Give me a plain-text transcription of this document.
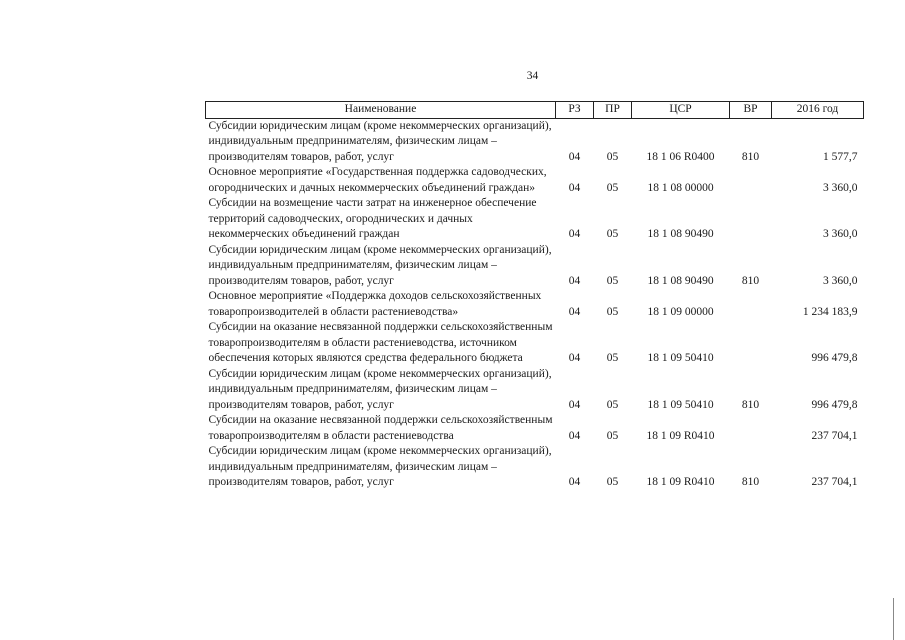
34
Наименование	РЗ	ПР	ЦСР	ВР	2016 год
Субсидии юридическим лицам (кроме некоммерческих организаций), индивидуальным предпринимателям, физическим лицам – производителям товаров, работ, услуг	04	05	18 1 06 R0400	810	1 577,7
Основное мероприятие «Государственная поддержка садоводческих, огороднических и дачных некоммерческих объединений граждан»	04	05	18 1 08 00000		3 360,0
Субсидии на возмещение части затрат на инженерное обеспечение территорий садоводческих, огороднических и дачных некоммерческих объединений граждан	04	05	18 1 08 90490		3 360,0
Субсидии юридическим лицам (кроме некоммерческих организаций), индивидуальным предпринимателям, физическим лицам – производителям товаров, работ, услуг	04	05	18 1 08 90490	810	3 360,0
Основное мероприятие «Поддержка доходов сельскохозяйственных товаропроизводителей в области растениеводства»	04	05	18 1 09 00000		1 234 183,9
Субсидии на оказание несвязанной поддержки сельскохозяйственным товаропроизводителям в области растениеводства, источником обеспечения которых являются средства федерального бюджета	04	05	18 1 09 50410		996 479,8
Субсидии юридическим лицам (кроме некоммерческих организаций), индивидуальным предпринимателям, физическим лицам – производителям товаров, работ, услуг	04	05	18 1 09 50410	810	996 479,8
Субсидии на оказание несвязанной поддержки сельскохозяйственным товаропроизводителям в области растениеводства	04	05	18 1 09 R0410		237 704,1
Субсидии юридическим лицам (кроме некоммерческих организаций), индивидуальным предпринимателям, физическим лицам – производителям товаров, работ, услуг	04	05	18 1 09 R0410	810	237 704,1
